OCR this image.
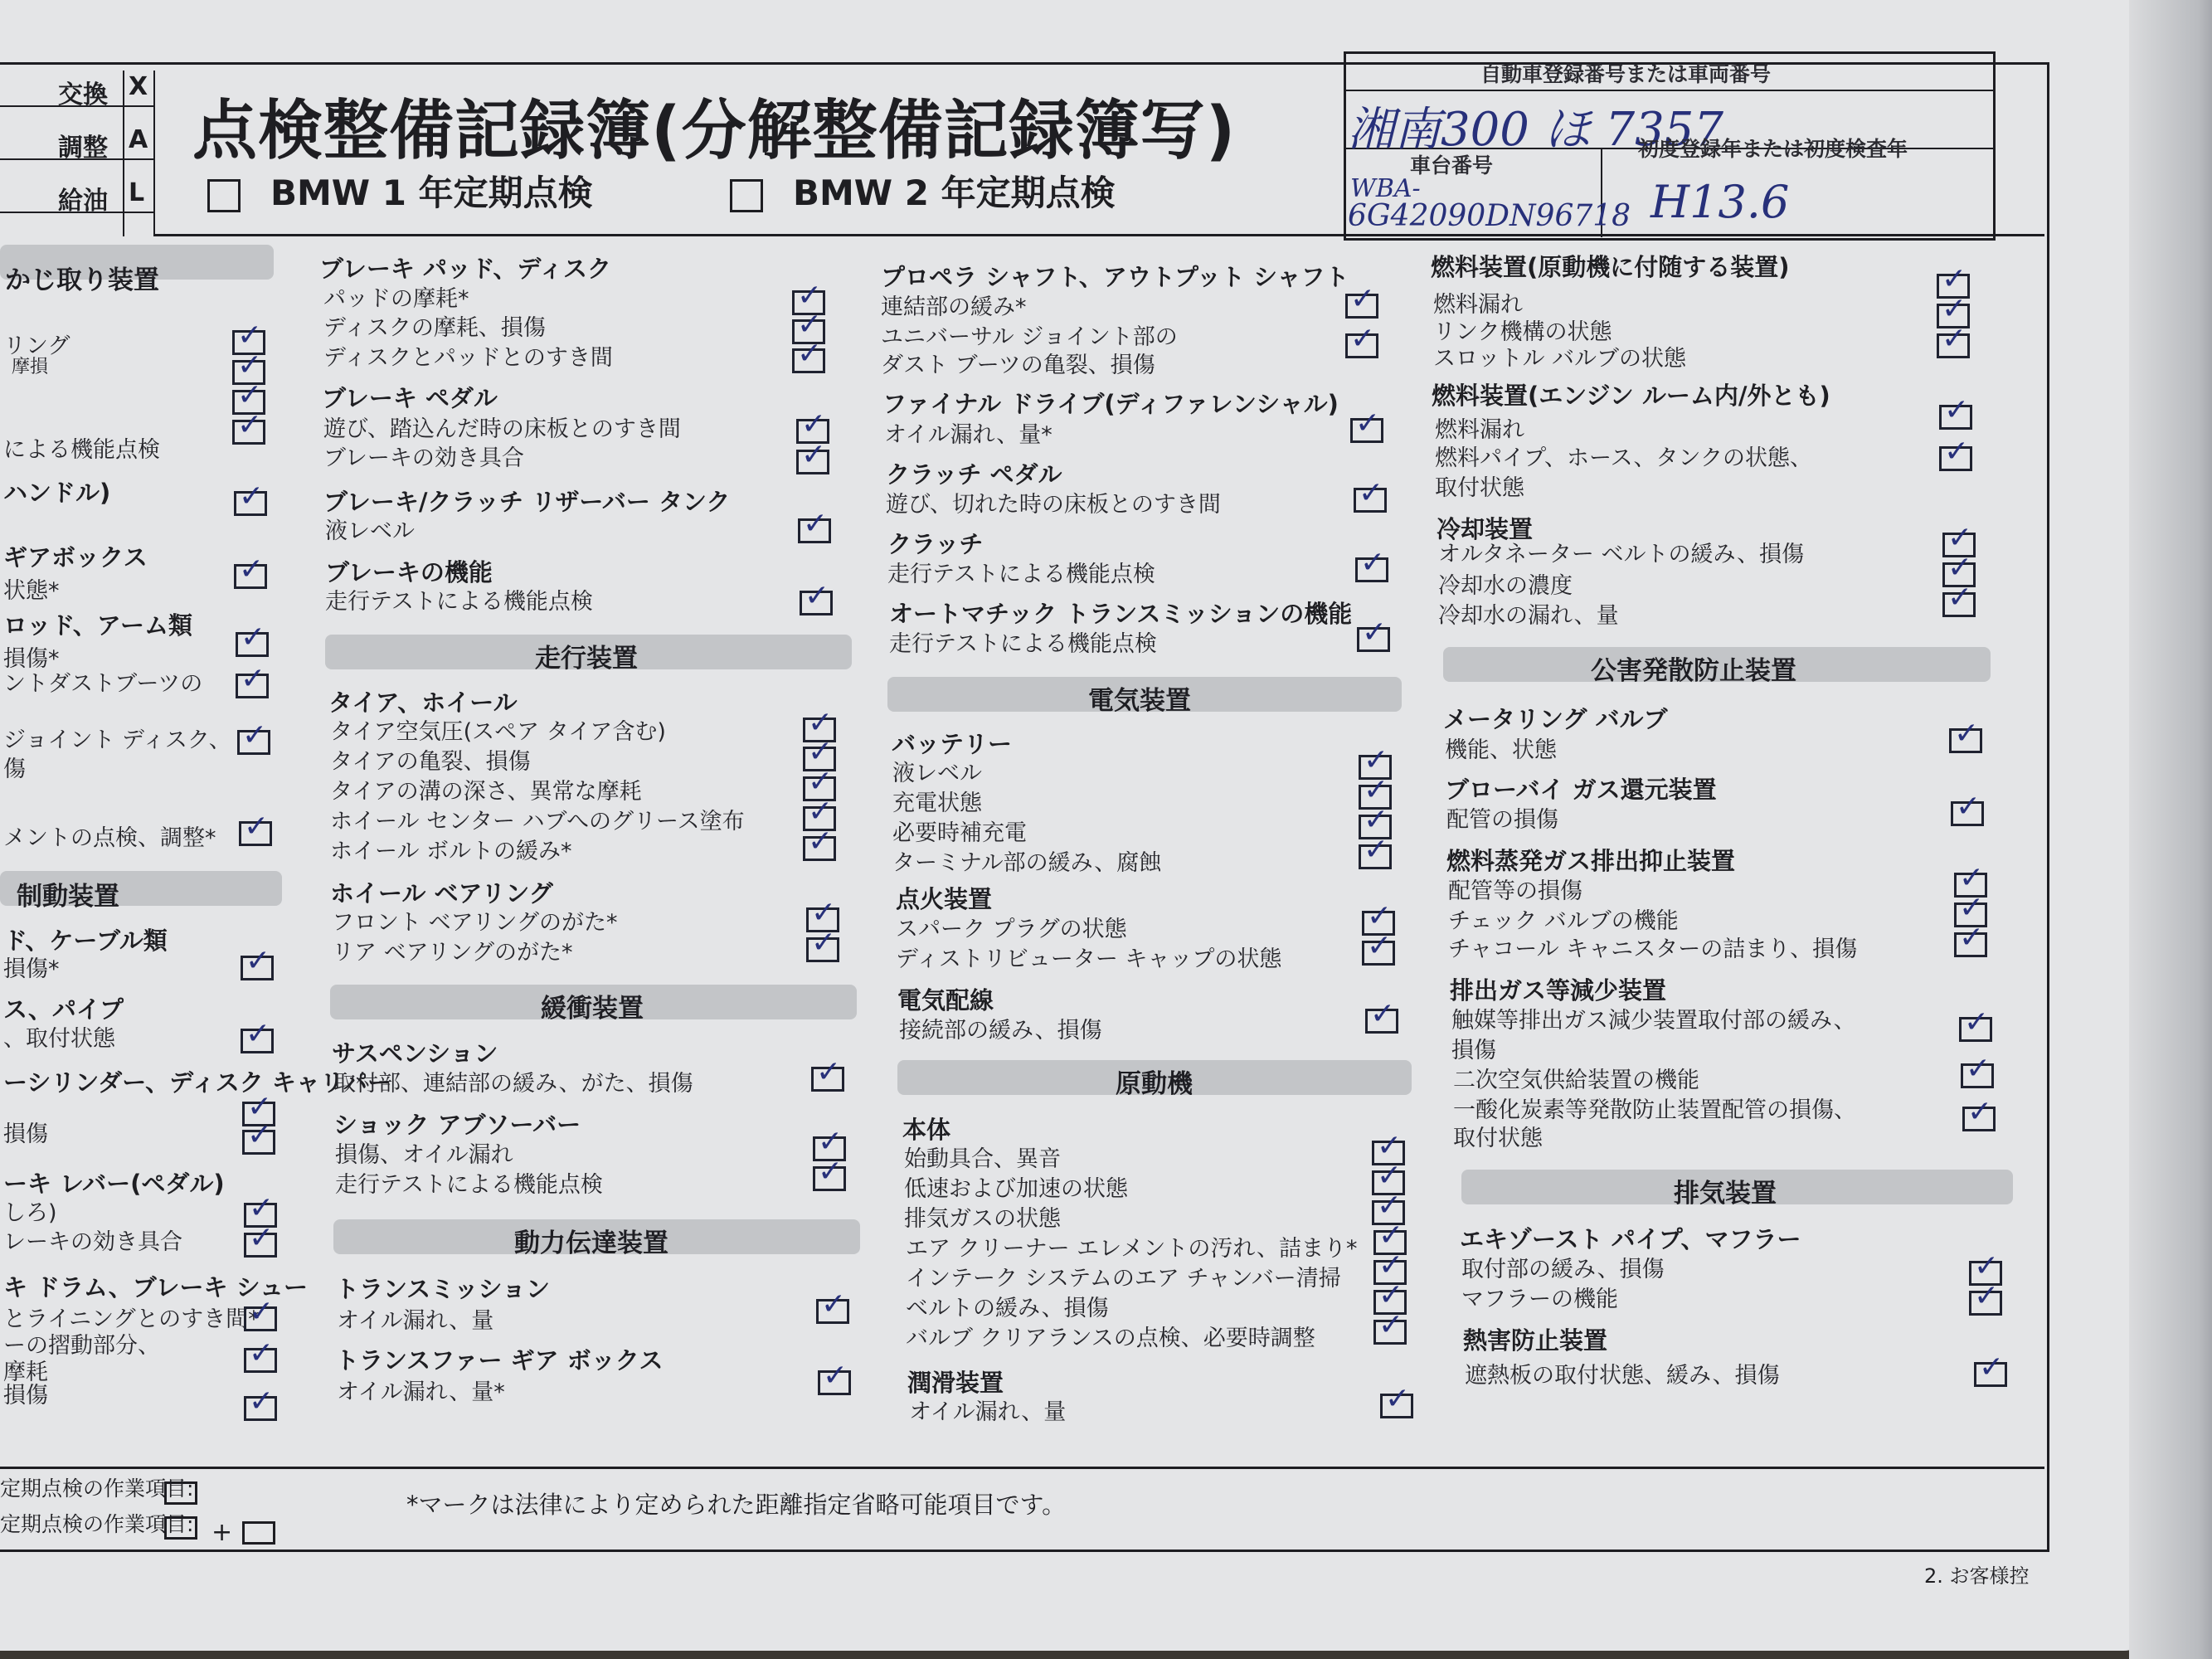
交換 X
調整 A
給油 L
点検整備記録簿(分解整備記録簿写)
BMW 1 年定期点検	BMW 2 年定期点検
自動車登録番号または車両番号
湘南300 ほ 7357
車台番号
初度登録年または初度検査年
WBA-
6G42090DN96718 H13.6
かじ取り装置
リング
摩損
による機能点検
ハンドル)
ギアボックス
状態*
ロッド、アーム類
損傷*
ントダストブーツの
ジョイント ディスク、
傷
メントの点検、調整*
制動装置
ド、ケーブル類
損傷*
ス、パイプ
、取付状態
ーシリンダー、ディスク キャリパー
損傷
ーキ レバー(ペダル)
しろ)
レーキの効き具合
キ ドラム、ブレーキ シュー
とライニングとのすき間*
ーの摺動部分、
摩耗
損傷
✓
✓
✓
✓
✓
✓
✓
✓
✓
✓
✓
✓
✓
✓
✓
✓
✓
✓
✓
ブレーキ パッド、ディスク
パッドの摩耗*
ディスクの摩耗、損傷
ディスクとパッドとのすき間
ブレーキ ペダル
遊び、踏込んだ時の床板とのすき間
ブレーキの効き具合
ブレーキ/クラッチ リザーバー タンク
液レベル
ブレーキの機能
走行テストによる機能点検
走行装置
タイア、ホイール
タイア空気圧(スペア タイア含む)
タイアの亀裂、損傷
タイアの溝の深さ、異常な摩耗
ホイール センター ハブへのグリース塗布
ホイール ボルトの緩み*
ホイール ベアリング
フロント ベアリングのがた*
リア ベアリングのがた*
緩衝装置
サスペンション
取付部、連結部の緩み、がた、損傷
ショック アブソーバー
損傷、オイル漏れ
走行テストによる機能点検
動力伝達装置
トランスミッション
オイル漏れ、量
トランスファー ギア ボックス
オイル漏れ、量*
✓
✓
✓
✓
✓
✓
✓
✓
✓
✓
✓
✓
✓
✓
✓
✓
✓
✓
✓
プロペラ シャフト、アウトプット シャフト
連結部の緩み*
ユニバーサル ジョイント部の
ダスト ブーツの亀裂、損傷
ファイナル ドライブ(ディファレンシャル)
オイル漏れ、量*
クラッチ ペダル
遊び、切れた時の床板とのすき間
クラッチ
走行テストによる機能点検
オートマチック トランスミッションの機能
走行テストによる機能点検
電気装置
バッテリー
液レベル
充電状態
必要時補充電
ターミナル部の緩み、腐蝕
点火装置
スパーク プラグの状態
ディストリビューター キャップの状態
電気配線
接続部の緩み、損傷
原動機
本体
始動具合、異音
低速および加速の状態
排気ガスの状態
エア クリーナー エレメントの汚れ、詰まり*
インテーク システムのエア チャンバー清掃
ベルトの緩み、損傷
バルブ クリアランスの点検、必要時調整
潤滑装置
オイル漏れ、量
✓
✓
✓
✓
✓
✓
✓
✓
✓
✓
✓
✓
✓
✓
✓
✓
✓
✓
✓
✓
✓
燃料装置(原動機に付随する装置)
燃料漏れ
リンク機構の状態
スロットル バルブの状態
燃料装置(エンジン ルーム内/外とも)
燃料漏れ
燃料パイプ、ホース、タンクの状態、
取付状態
冷却装置
オルタネーター ベルトの緩み、損傷
冷却水の濃度
冷却水の漏れ、量
公害発散防止装置
メータリング バルブ
機能、状態
ブローバイ ガス還元装置
配管の損傷
燃料蒸発ガス排出抑止装置
配管等の損傷
チェック バルブの機能
チャコール キャニスターの詰まり、損傷
排出ガス等減少装置
触媒等排出ガス減少装置取付部の緩み、
損傷
二次空気供給装置の機能
一酸化炭素等発散防止装置配管の損傷、
取付状態
排気装置
エキゾースト パイプ、マフラー
取付部の緩み、損傷
マフラーの機能
熱害防止装置
遮熱板の取付状態、緩み、損傷
✓
✓
✓
✓
✓
✓
✓
✓
✓
✓
✓
✓
✓
✓
✓
✓
✓
✓
✓
定期点検の作業項目:
定期点検の作業項目: +
*マークは法律により定められた距離指定省略可能項目です。
2. お客様控
